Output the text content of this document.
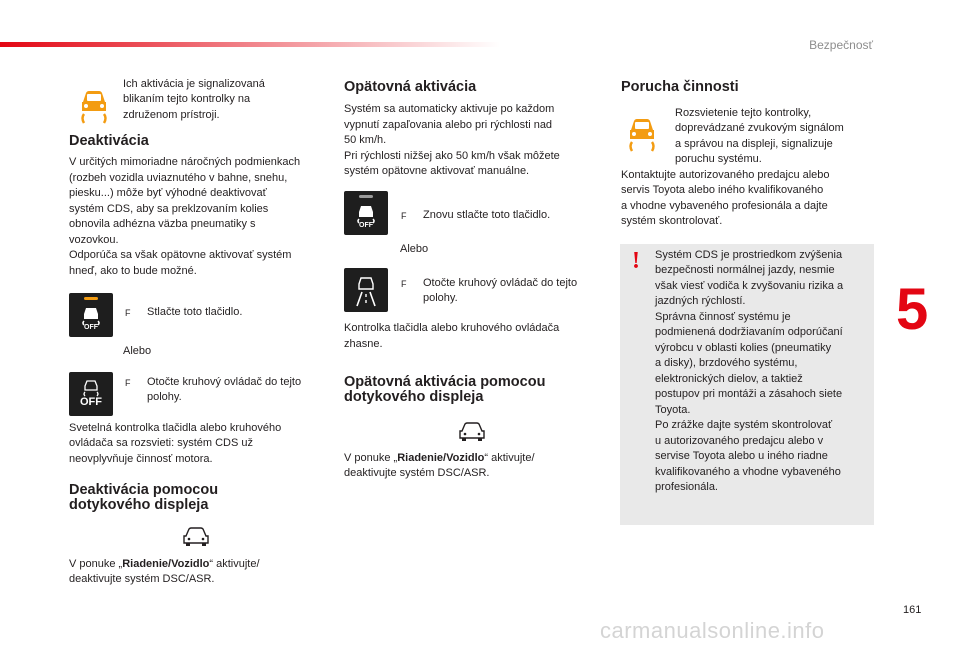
Bezpečnosť
5
161
carmanualsonline.info
Ich aktivácia je signalizovaná
blikaním tejto kontrolky na
združenom prístroji.
Deaktivácia
V určitých mimoriadne náročných podmienkach
(rozbeh vozidla uviaznutého v bahne, snehu,
piesku...) môže byť výhodné deaktivovať
systém CDS, aby sa preklzovaním kolies
obnovila adhézna väzba pneumatiky s
vozovkou.
Odporúča sa však opätovne aktivovať systém
hneď, ako to bude možné.
OFF
F Stlačte toto tlačidlo.
Alebo
OFF
F Otočte kruhový ovládač do tejto
polohy.
Svetelná kontrolka tlačidla alebo kruhového
ovládača sa rozsvieti: systém CDS už
neovplyvňuje činnosť motora.
Deaktivácia pomocou
dotykového displeja
V ponuke „Riadenie/Vozidlo“ aktivujte/
deaktivujte systém DSC/ASR.
Opätovná aktivácia
Systém sa automaticky aktivuje po každom
vypnutí zapaľovania alebo pri rýchlosti nad
50 km/h.
Pri rýchlosti nižšej ako 50 km/h však môžete
systém opätovne aktivovať manuálne.
OFF
F Znovu stlačte toto tlačidlo.
Alebo
F Otočte kruhový ovládač do tejto
polohy.
Kontrolka tlačidla alebo kruhového ovládača
zhasne.
Opätovná aktivácia pomocou
dotykového displeja
V ponuke „Riadenie/Vozidlo“ aktivujte/
deaktivujte systém DSC/ASR.
Poruchа činnosti
Rozsvietenie tejto kontrolky,
doprevádzané zvukovým signálom
a správou na displeji, signalizuje
poruchu systému.
Kontaktujte autorizovaného predajcu alebo
servis Toyota alebo iného kvalifikovaného
a vhodne vybaveného profesionála a dajte
systém skontrolovať.
! Systém CDS je prostriedkom zvýšenia
bezpečnosti normálnej jazdy, nesmie
však viesť vodiča k zvyšovaniu rizika a
jazdných rýchlostí.
Správna činnosť systému je
podmienená dodržiavaním odporúčaní
výrobcu v oblasti kolies (pneumatiky
a disky), brzdového systému,
elektronických dielov, a taktiež
postupov pri montáži a zásahoch siete
Toyota.
Po zrážke dajte systém skontrolovať
u autorizovaného predajcu alebo v
servise Toyota alebo u iného riadne
kvalifikovaného a vhodne vybaveného
profesionála.
